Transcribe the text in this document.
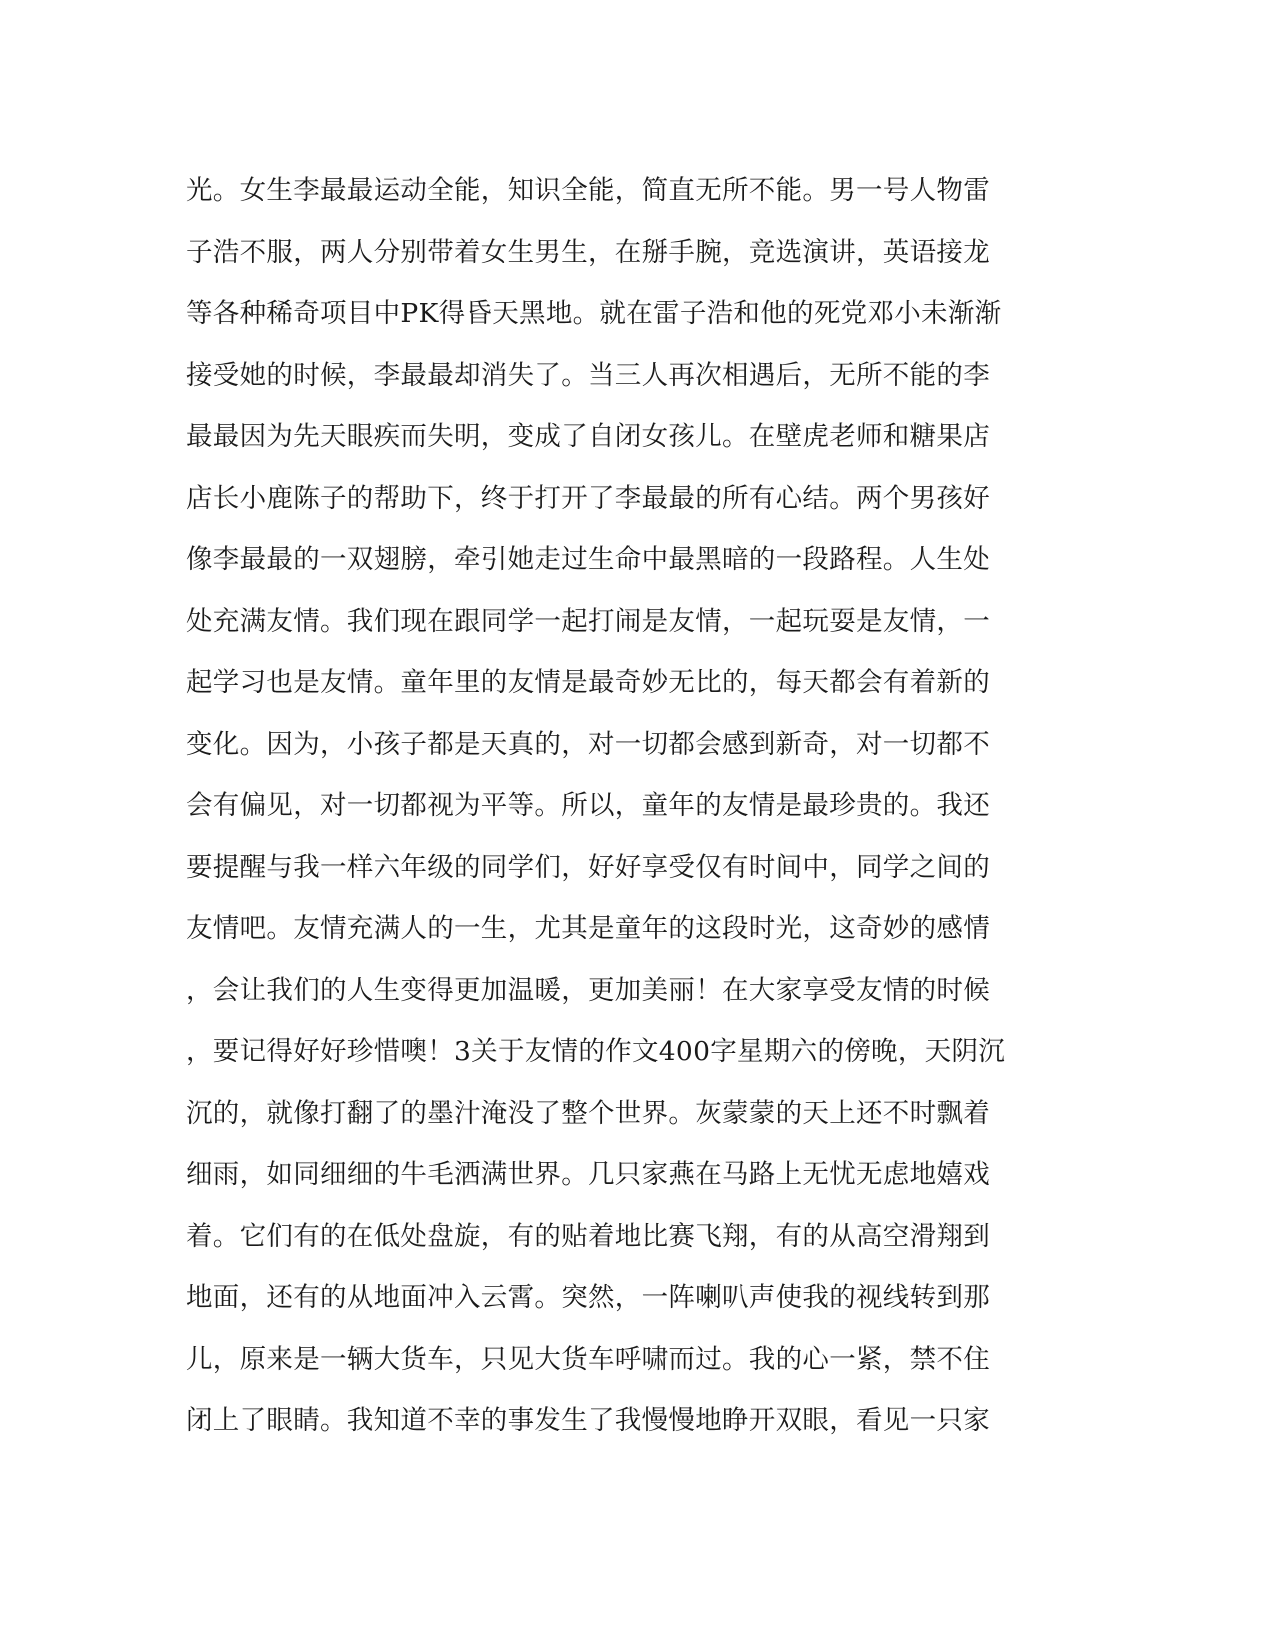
光。女生李最最运动全能，知识全能，简直无所不能。男一号人物雷
子浩不服，两人分别带着女生男生，在掰手腕，竞选演讲，英语接龙
等各种稀奇项目中PK得昏天黑地。就在雷子浩和他的死党邓小未渐渐
接受她的时候，李最最却消失了。当三人再次相遇后，无所不能的李
最最因为先天眼疾而失明，变成了自闭女孩儿。在壁虎老师和糖果店
店长小鹿陈子的帮助下，终于打开了李最最的所有心结。两个男孩好
像李最最的一双翅膀，牵引她走过生命中最黑暗的一段路程。人生处
处充满友情。我们现在跟同学一起打闹是友情，一起玩耍是友情，一
起学习也是友情。童年里的友情是最奇妙无比的，每天都会有着新的
变化。因为，小孩子都是天真的，对一切都会感到新奇，对一切都不
会有偏见，对一切都视为平等。所以，童年的友情是最珍贵的。我还
要提醒与我一样六年级的同学们，好好享受仅有时间中，同学之间的
友情吧。友情充满人的一生，尤其是童年的这段时光，这奇妙的感情
，会让我们的人生变得更加温暖，更加美丽！在大家享受友情的时候
，要记得好好珍惜噢！3关于友情的作文400字星期六的傍晚，天阴沉
沉的，就像打翻了的墨汁淹没了整个世界。灰蒙蒙的天上还不时飘着
细雨，如同细细的牛毛洒满世界。几只家燕在马路上无忧无虑地嬉戏
着。它们有的在低处盘旋，有的贴着地比赛飞翔，有的从高空滑翔到
地面，还有的从地面冲入云霄。突然，一阵喇叭声使我的视线转到那
儿，原来是一辆大货车，只见大货车呼啸而过。我的心一紧，禁不住
闭上了眼睛。我知道不幸的事发生了我慢慢地睁开双眼，看见一只家
